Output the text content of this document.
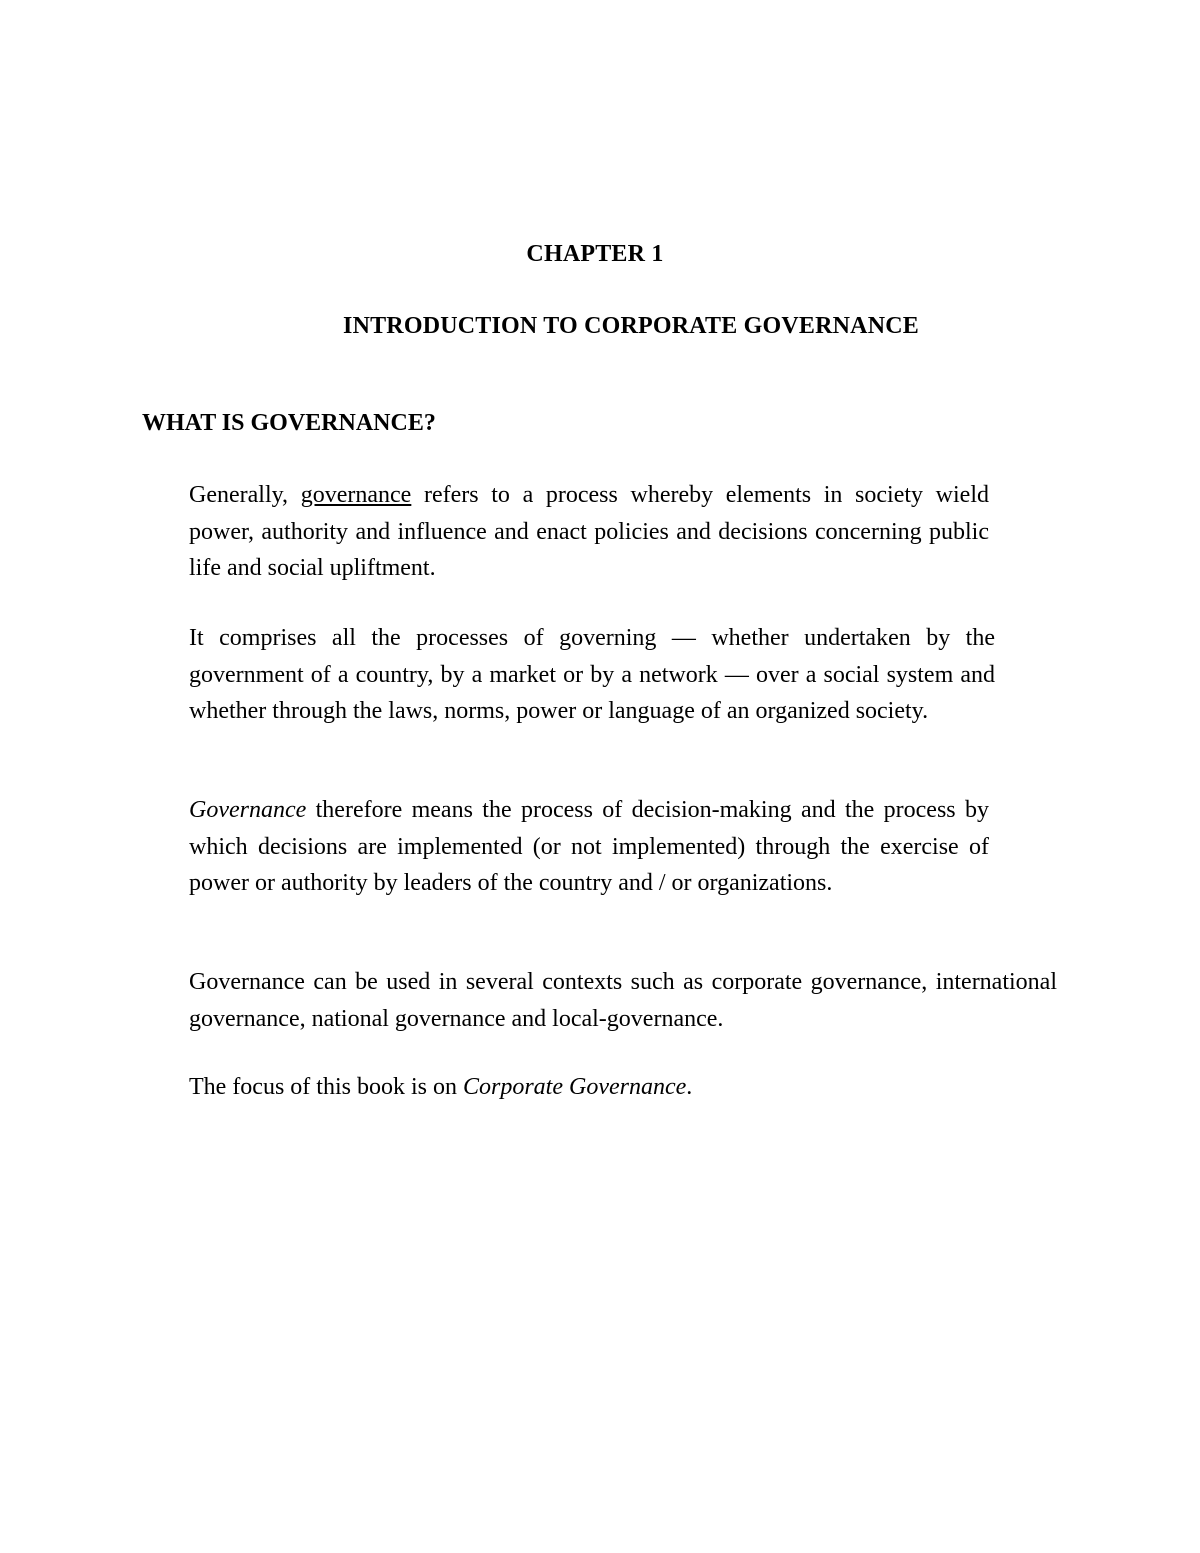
CHAPTER 1
INTRODUCTION TO CORPORATE GOVERNANCE
WHAT IS GOVERNANCE?
Generally, governance refers to a process whereby elements in society wield power, authority and influence and enact policies and decisions concerning public life and social upliftment.
It comprises all the processes of governing — whether undertaken by the government of a country, by a market or by a network — over a social system and whether through the laws, norms, power or language of an organized society.
Governance therefore means the process of decision-making and the process by which decisions are implemented (or not implemented) through the exercise of power or authority by leaders of the country and / or organizations.
Governance can be used in several contexts such as corporate governance, international governance, national governance and local-governance.
The focus of this book is on Corporate Governance.
